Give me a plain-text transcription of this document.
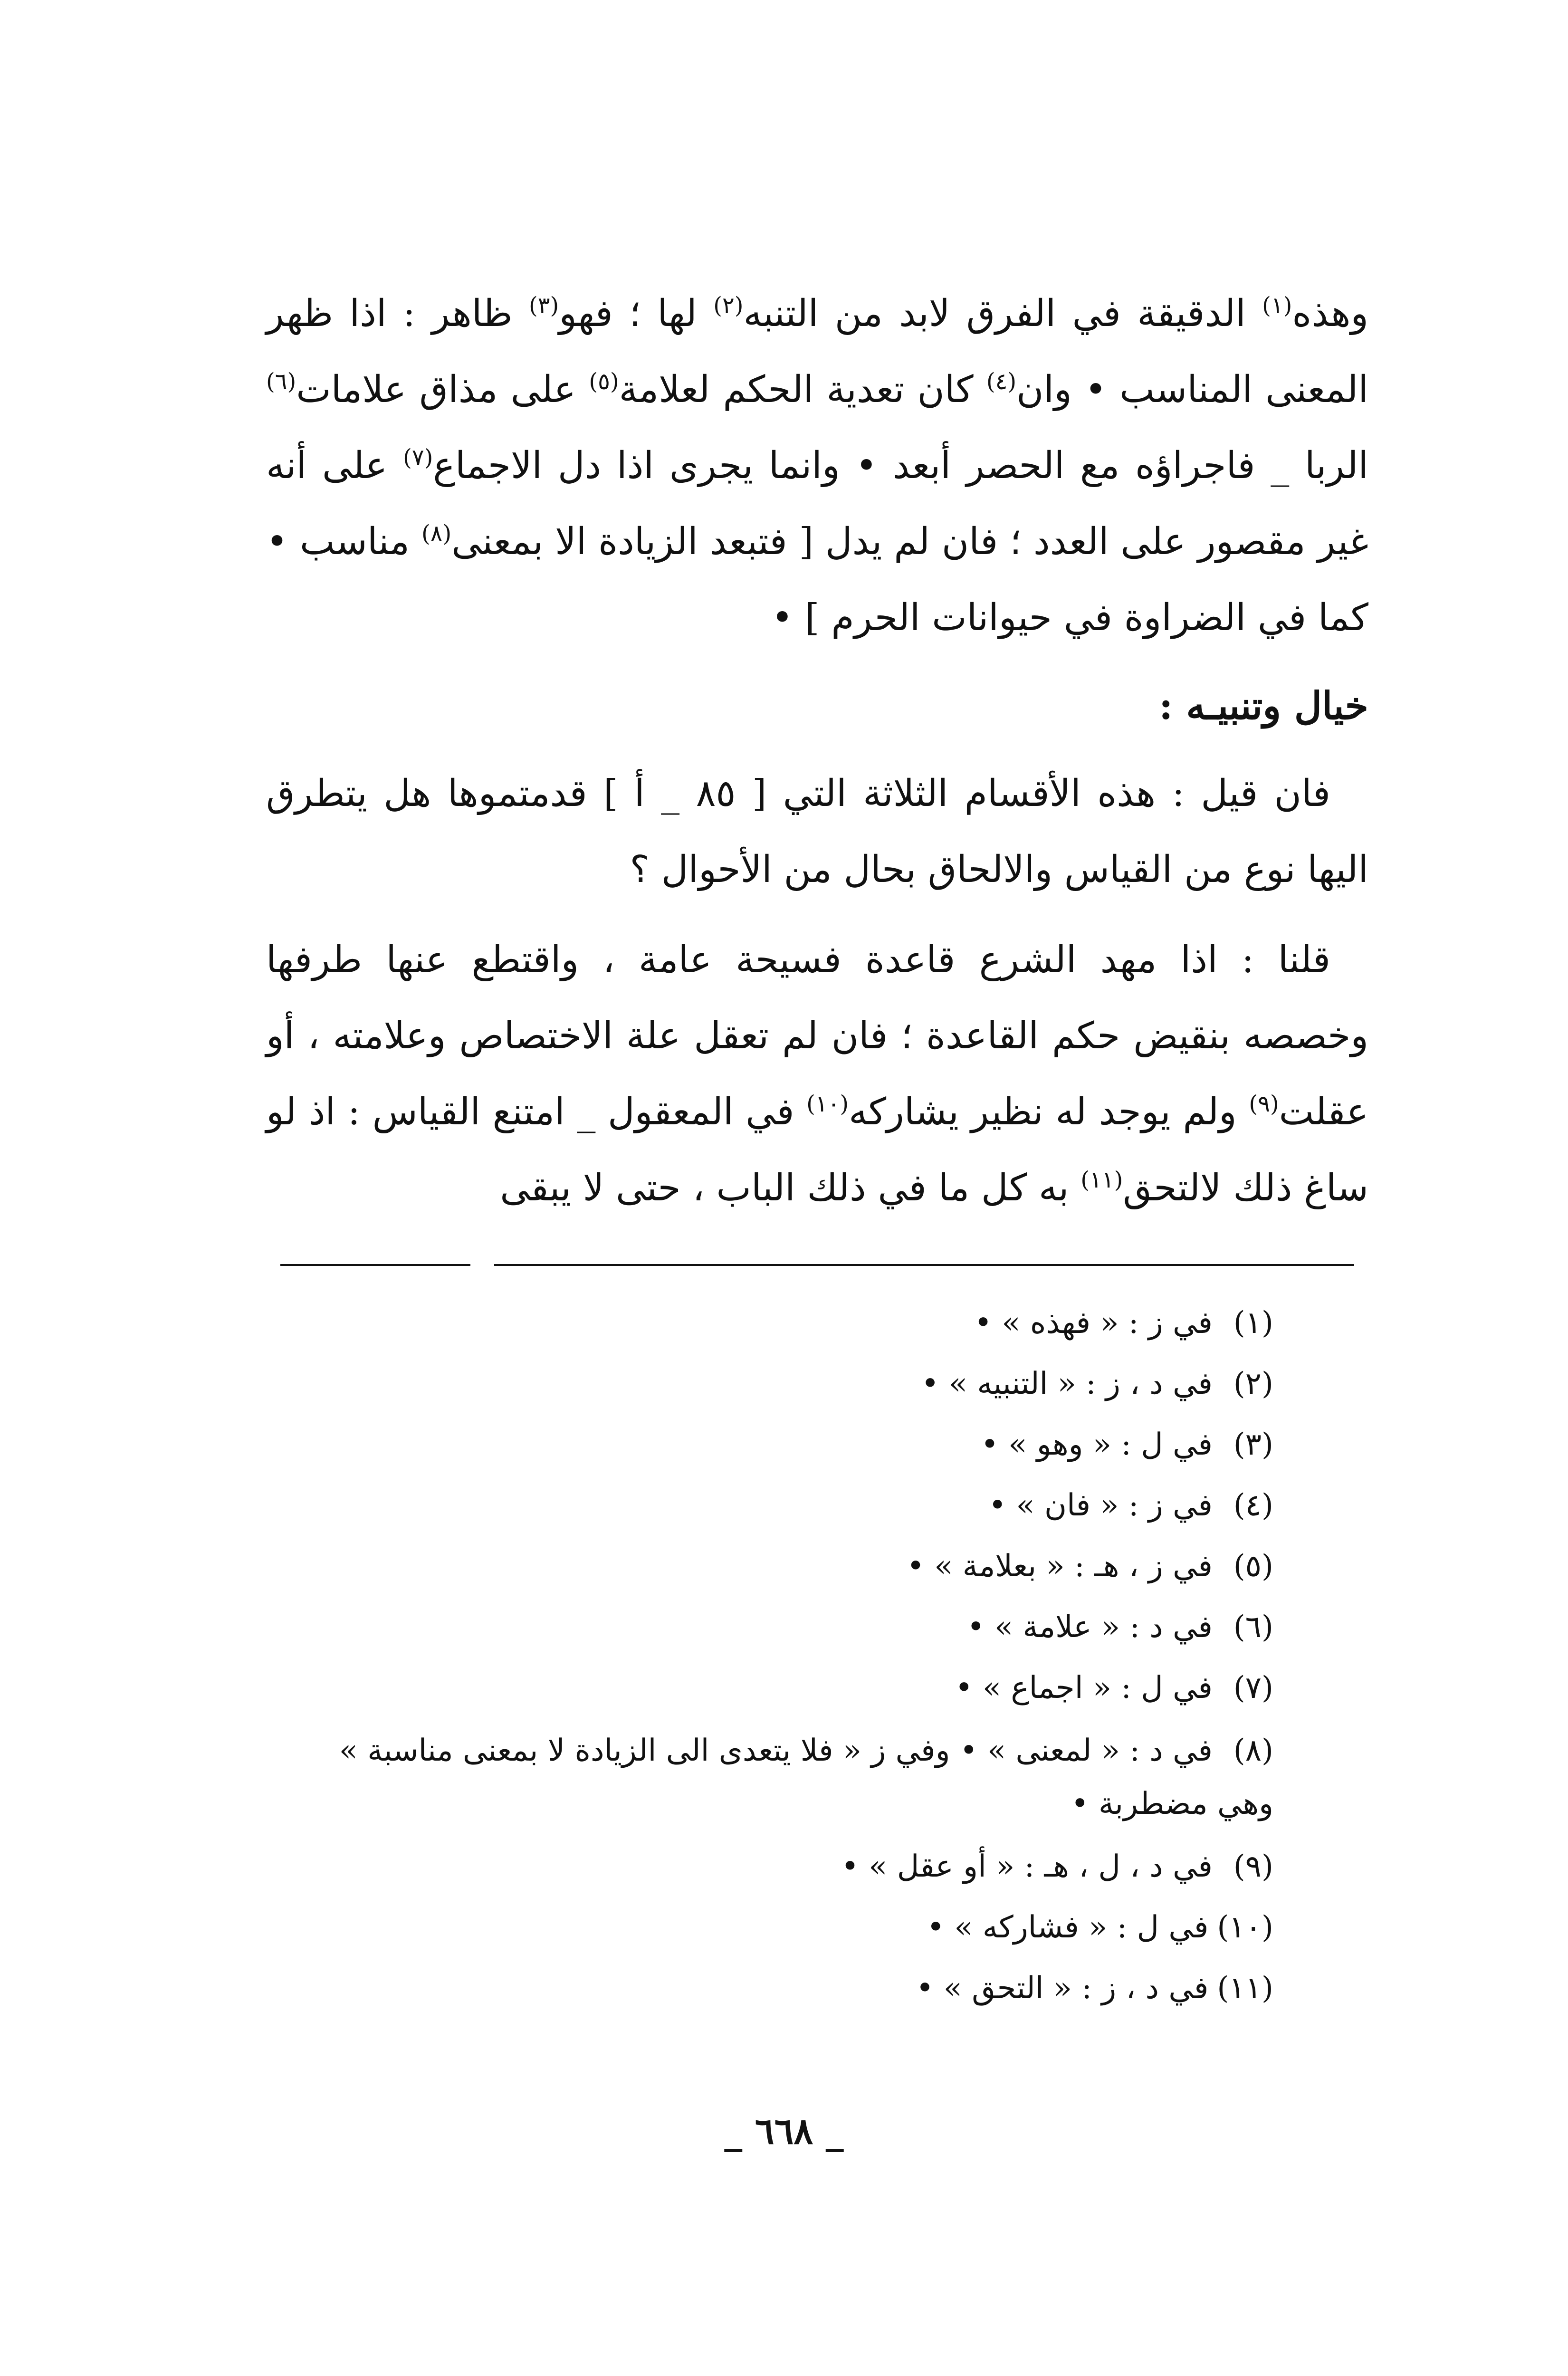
وهذه$^{(١)}$ الدقيقة في الفرق لابد من التنبه$^{(٢)}$ لها ؛ فهو$^{(٣)}$ ظاهر : اذا ظهر المعنى المناسب • وان$^{(٤)}$ كان تعدية الحكم لعلامة$^{(٥)}$ على مذاق علامات$^{(٦)}$ الربا _ فاجراؤه مع الحصر أبعد • وانما يجرى اذا دل الاجماع$^{(٧)}$ على أنه غير مقصور على العدد ؛ فان لم يدل [ فتبعد الزيادة الا بمعنى$^{(٨)}$ مناسب • كما في الضراوة في حيوانات الحرم ] •

خيال وتنبيـه :

فان قيل : هذه الأقسام الثلاثة التي [ ٨٥ _ أ ] قدمتموها هل يتطرق اليها نوع من القياس والالحاق بحال من الأحوال ؟

قلنا : اذا مهد الشرع قاعدة فسيحة عامة ، واقتطع عنها طرفها وخصصه بنقيض حكم القاعدة ؛ فان لم تعقل علة الاختصاص وعلامته ، أو عقلت$^{(٩)}$ ولم يوجد له نظير يشاركه$^{(١٠)}$ في المعقول _ امتنع القياس : اذ لو ساغ ذلك لالتحق$^{(١١)}$ به كل ما في ذلك الباب ، حتى لا يبقى

(١)في ز : « فهذه » •

(٢)في د ، ز : « التنبيه » •

(٣)في ل : « وهو » •

(٤)في ز : « فان » •

(٥)في ز ، هـ : « بعلامة » •

(٦)في د : « علامة » •

(٧)في ل : « اجماع » •

(٨)في د : « لمعنى » • وفي ز « فلا يتعدى الى الزيادة لا بمعنى مناسبة » وهي مضطربة •

(٩)في د ، ل ، هـ : « أو عقل » •

(١٠)في ل : « فشاركه » •

(١١)في د ، ز : « التحق » •

_ ٦٦٨ _
